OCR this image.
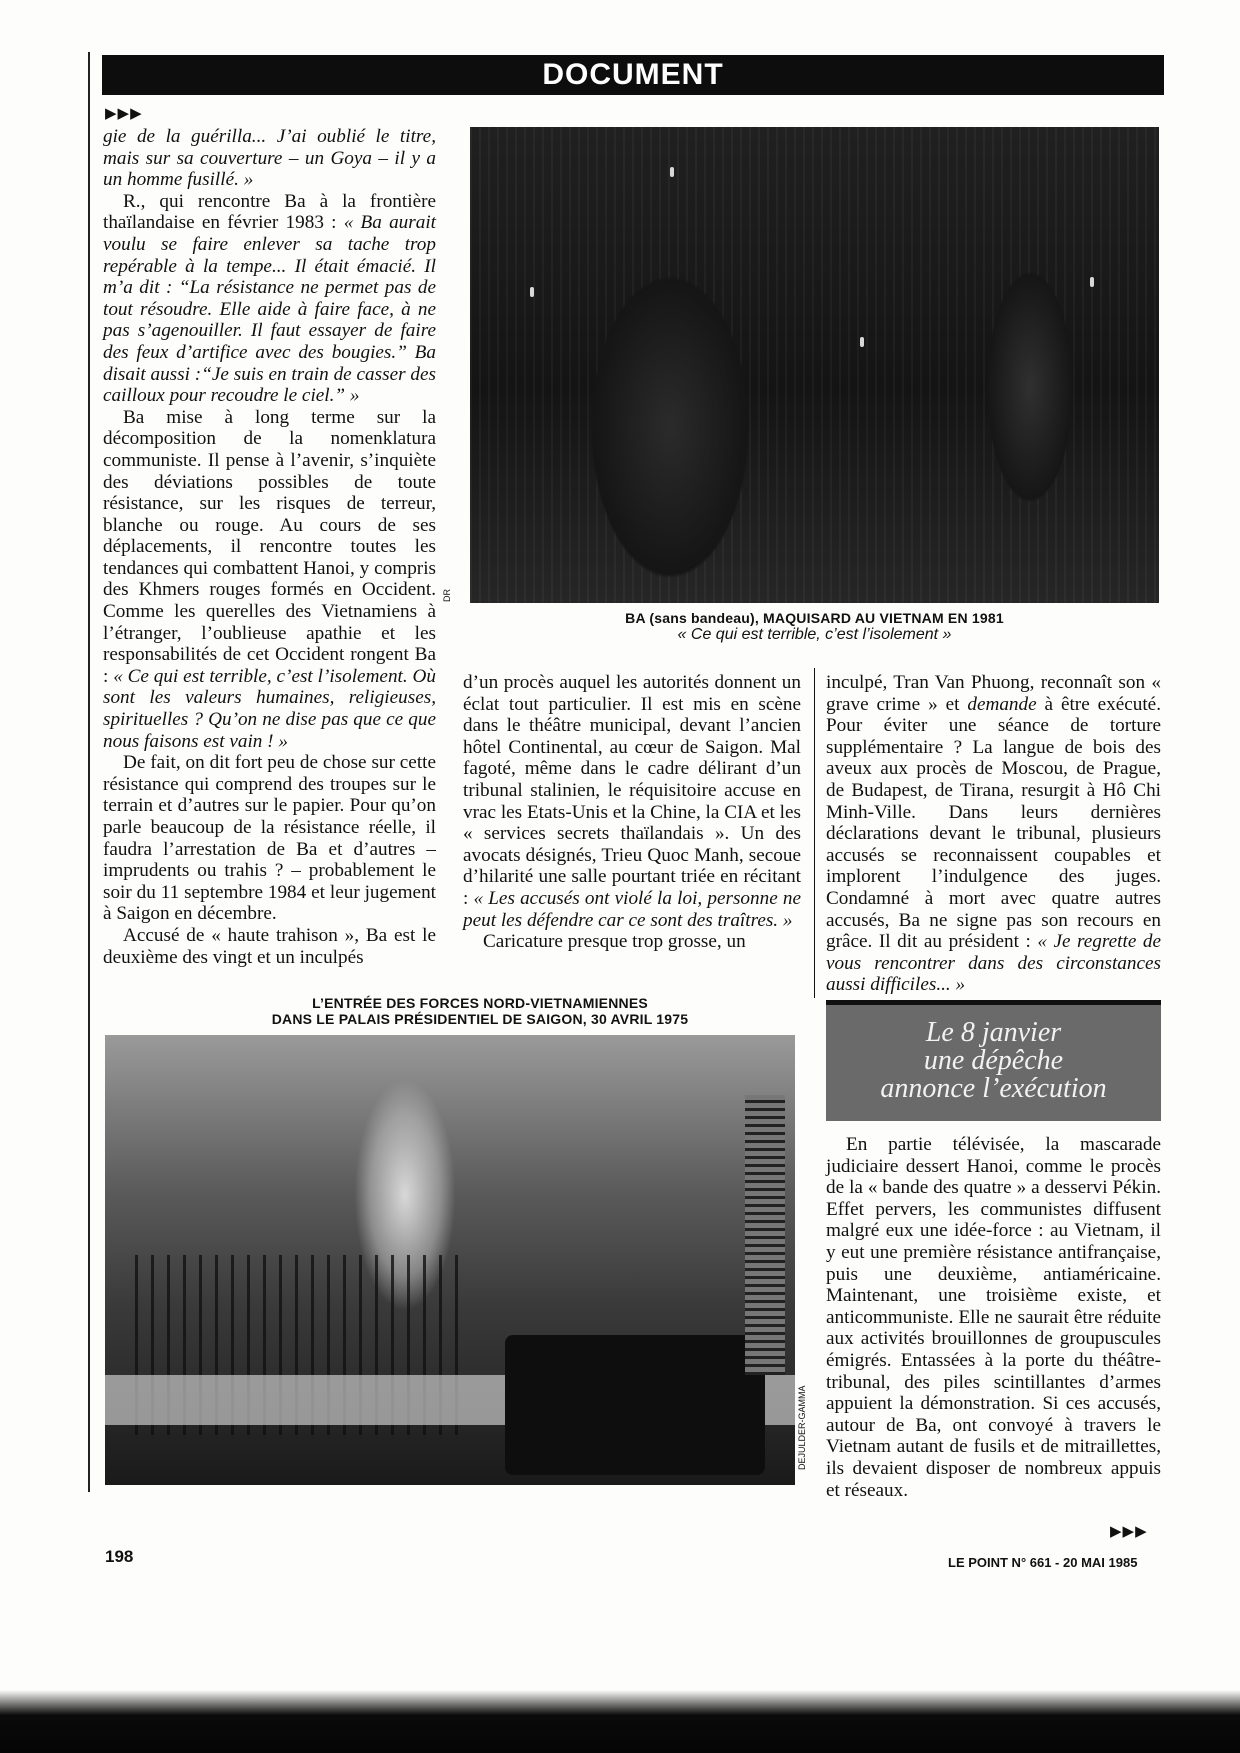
DOCUMENT
▶▶▶

gie de la guérilla... J’ai oublié le titre, mais sur sa couverture – un Goya – il y a un homme fusillé. »

R., qui rencontre Ba à la frontière thaïlandaise en février 1983 : « Ba aurait voulu se faire enlever sa tache trop repérable à la tempe... Il était émacié. Il m’a dit : “La résistance ne permet pas de tout résoudre. Elle aide à faire face, à ne pas s’agenouiller. Il faut essayer de faire des feux d’artifice avec des bougies.” Ba disait aussi :“Je suis en train de casser des cailloux pour recoudre le ciel.” »

Ba mise à long terme sur la décomposition de la nomenklatura communiste. Il pense à l’avenir, s’inquiète des déviations possibles de toute résistance, sur les risques de terreur, blanche ou rouge. Au cours de ses déplacements, il rencontre toutes les tendances qui combattent Hanoi, y compris des Khmers rouges formés en Occident. Comme les querelles des Vietnamiens à l’étranger, l’oublieuse apathie et les responsabilités de cet Occident rongent Ba : « Ce qui est terrible, c’est l’isolement. Où sont les valeurs humaines, religieuses, spirituelles ? Qu’on ne dise pas que ce que nous faisons est vain ! »

De fait, on dit fort peu de chose sur cette résistance qui comprend des troupes sur le terrain et d’autres sur le papier. Pour qu’on parle beaucoup de la résistance réelle, il faudra l’arrestation de Ba et d’autres – imprudents ou trahis ? – probablement le soir du 11 septembre 1984 et leur jugement à Saigon en décembre.

Accusé de « haute trahison », Ba est le deuxième des vingt et un inculpés

DR
BA (sans bandeau), MAQUISARD AU VIETNAM EN 1981
« Ce qui est terrible, c’est l’isolement »

d’un procès auquel les autorités donnent un éclat tout particulier. Il est mis en scène dans le théâtre municipal, devant l’ancien hôtel Continental, au cœur de Saigon. Mal fagoté, même dans le cadre délirant d’un tribunal stalinien, le réquisitoire accuse en vrac les Etats-Unis et la Chine, la CIA et les « services secrets thaïlandais ». Un des avocats désignés, Trieu Quoc Manh, secoue d’hilarité une salle pourtant triée en récitant : « Les accusés ont violé la loi, personne ne peut les défendre car ce sont des traîtres. »

Caricature presque trop grosse, un

inculpé, Tran Van Phuong, reconnaît son « grave crime » et demande à être exécuté. Pour éviter une séance de torture supplémentaire ? La langue de bois des aveux aux procès de Moscou, de Prague, de Budapest, de Tirana, resurgit à Hô Chi Minh-Ville. Dans leurs dernières déclarations devant le tribunal, plusieurs accusés se reconnaissent coupables et implorent l’indulgence des juges. Condamné à mort avec quatre autres accusés, Ba ne signe pas son recours en grâce. Il dit au président : « Je regrette de vous rencontrer dans des circonstances aussi difficiles... »

L’ENTRÉE DES FORCES NORD-VIETNAMIENNES
DANS LE PALAIS PRÉSIDENTIEL DE SAIGON, 30 AVRIL 1975
DEJULDER-GAMMA
Le 8 janvier
une dépêche
annonce l’exécution

En partie télévisée, la mascarade judiciaire dessert Hanoi, comme le procès de la « bande des quatre » a desservi Pékin. Effet pervers, les communistes diffusent malgré eux une idée-force : au Vietnam, il y eut une première résistance antifrançaise, puis une deuxième, antiaméricaine. Maintenant, une troisième existe, et anticommuniste. Elle ne saurait être réduite aux activités brouillonnes de groupuscules émigrés. Entassées à la porte du théâtre-tribunal, des piles scintillantes d’armes appuient la démonstration. Si ces accusés, autour de Ba, ont convoyé à travers le Vietnam autant de fusils et de mitraillettes, ils devaient disposer de nombreux appuis et réseaux.

▶▶▶
198	LE POINT N° 661 - 20 MAI 1985
